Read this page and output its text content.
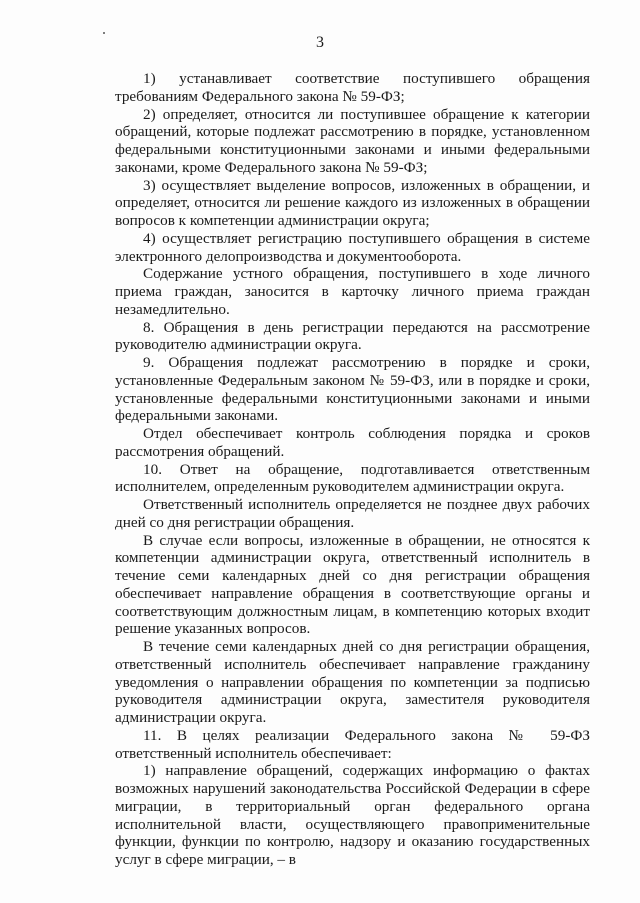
3

1) устанавливает соответствие поступившего обращения требованиям Федерального закона № 59-ФЗ;

2) определяет, относится ли поступившее обращение к категории обращений, которые подлежат рассмотрению в порядке, установленном федеральными конституционными законами и иными федеральными законами, кроме Федерального закона № 59-ФЗ;

3) осуществляет выделение вопросов, изложенных в обращении, и определяет, относится ли решение каждого из изложенных в обращении вопросов к компетенции администрации округа;

4) осуществляет регистрацию поступившего обращения в системе электронного делопроизводства и документооборота.

Содержание устного обращения, поступившего в ходе личного приема граждан, заносится в карточку личного приема граждан незамедлительно.

8. Обращения в день регистрации передаются на рассмотрение руководителю администрации округа.

9. Обращения подлежат рассмотрению в порядке и сроки, установленные Федеральным законом № 59-ФЗ, или в порядке и сроки, установленные федеральными конституционными законами и иными федеральными законами.

Отдел обеспечивает контроль соблюдения порядка и сроков рассмотрения обращений.

10. Ответ на обращение, подготавливается ответственным исполнителем, определенным руководителем администрации округа.

Ответственный исполнитель определяется не позднее двух рабочих дней со дня регистрации обращения.

В случае если вопросы, изложенные в обращении, не относятся к компетенции администрации округа, ответственный исполнитель в течение семи календарных дней со дня регистрации обращения обеспечивает направление обращения в соответствующие органы и соответствующим должностным лицам, в компетенцию которых входит решение указанных вопросов.

В течение семи календарных дней со дня регистрации обращения, ответственный исполнитель обеспечивает направление гражданину уведомления о направлении обращения по компетенции за подписью руководителя администрации округа, заместителя руководителя администрации округа.

11. В целях реализации Федерального закона № 59-ФЗ ответственный исполнитель обеспечивает:

1) направление обращений, содержащих информацию о фактах возможных нарушений законодательства Российской Федерации в сфере миграции, в территориальный орган федерального органа исполнительной власти, осуществляющего правоприменительные функции, функции по контролю, надзору и оказанию государственных услуг в сфере миграции, – в
